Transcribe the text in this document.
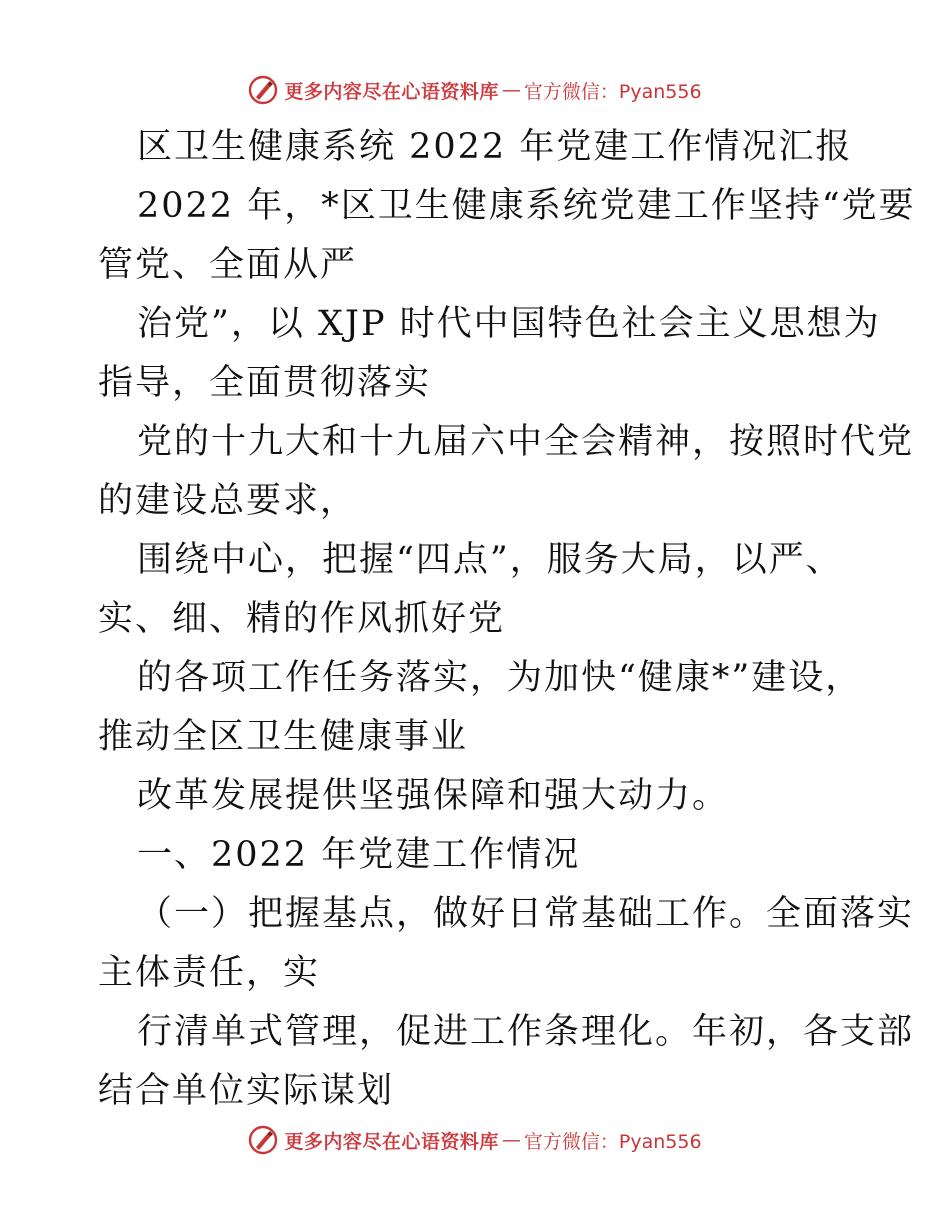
更多内容尽在心语资料库 — 官方微信：Pyan556

区卫生健康系统 2022 年党建工作情况汇报

2022 年，*区卫生健康系统党建工作坚持“党要

管党、全面从严

治党”，以 XJP 时代中国特色社会主义思想为

指导，全面贯彻落实

党的十九大和十九届六中全会精神，按照时代党

的建设总要求，

围绕中心，把握“四点”，服务大局，以严、

实、细、精的作风抓好党

的各项工作任务落实，为加快“健康*”建设，

推动全区卫生健康事业

改革发展提供坚强保障和强大动力。

一、2022 年党建工作情况

（一）把握基点，做好日常基础工作。全面落实

主体责任，实

行清单式管理，促进工作条理化。年初，各支部

结合单位实际谋划

更多内容尽在心语资料库 — 官方微信：Pyan556
